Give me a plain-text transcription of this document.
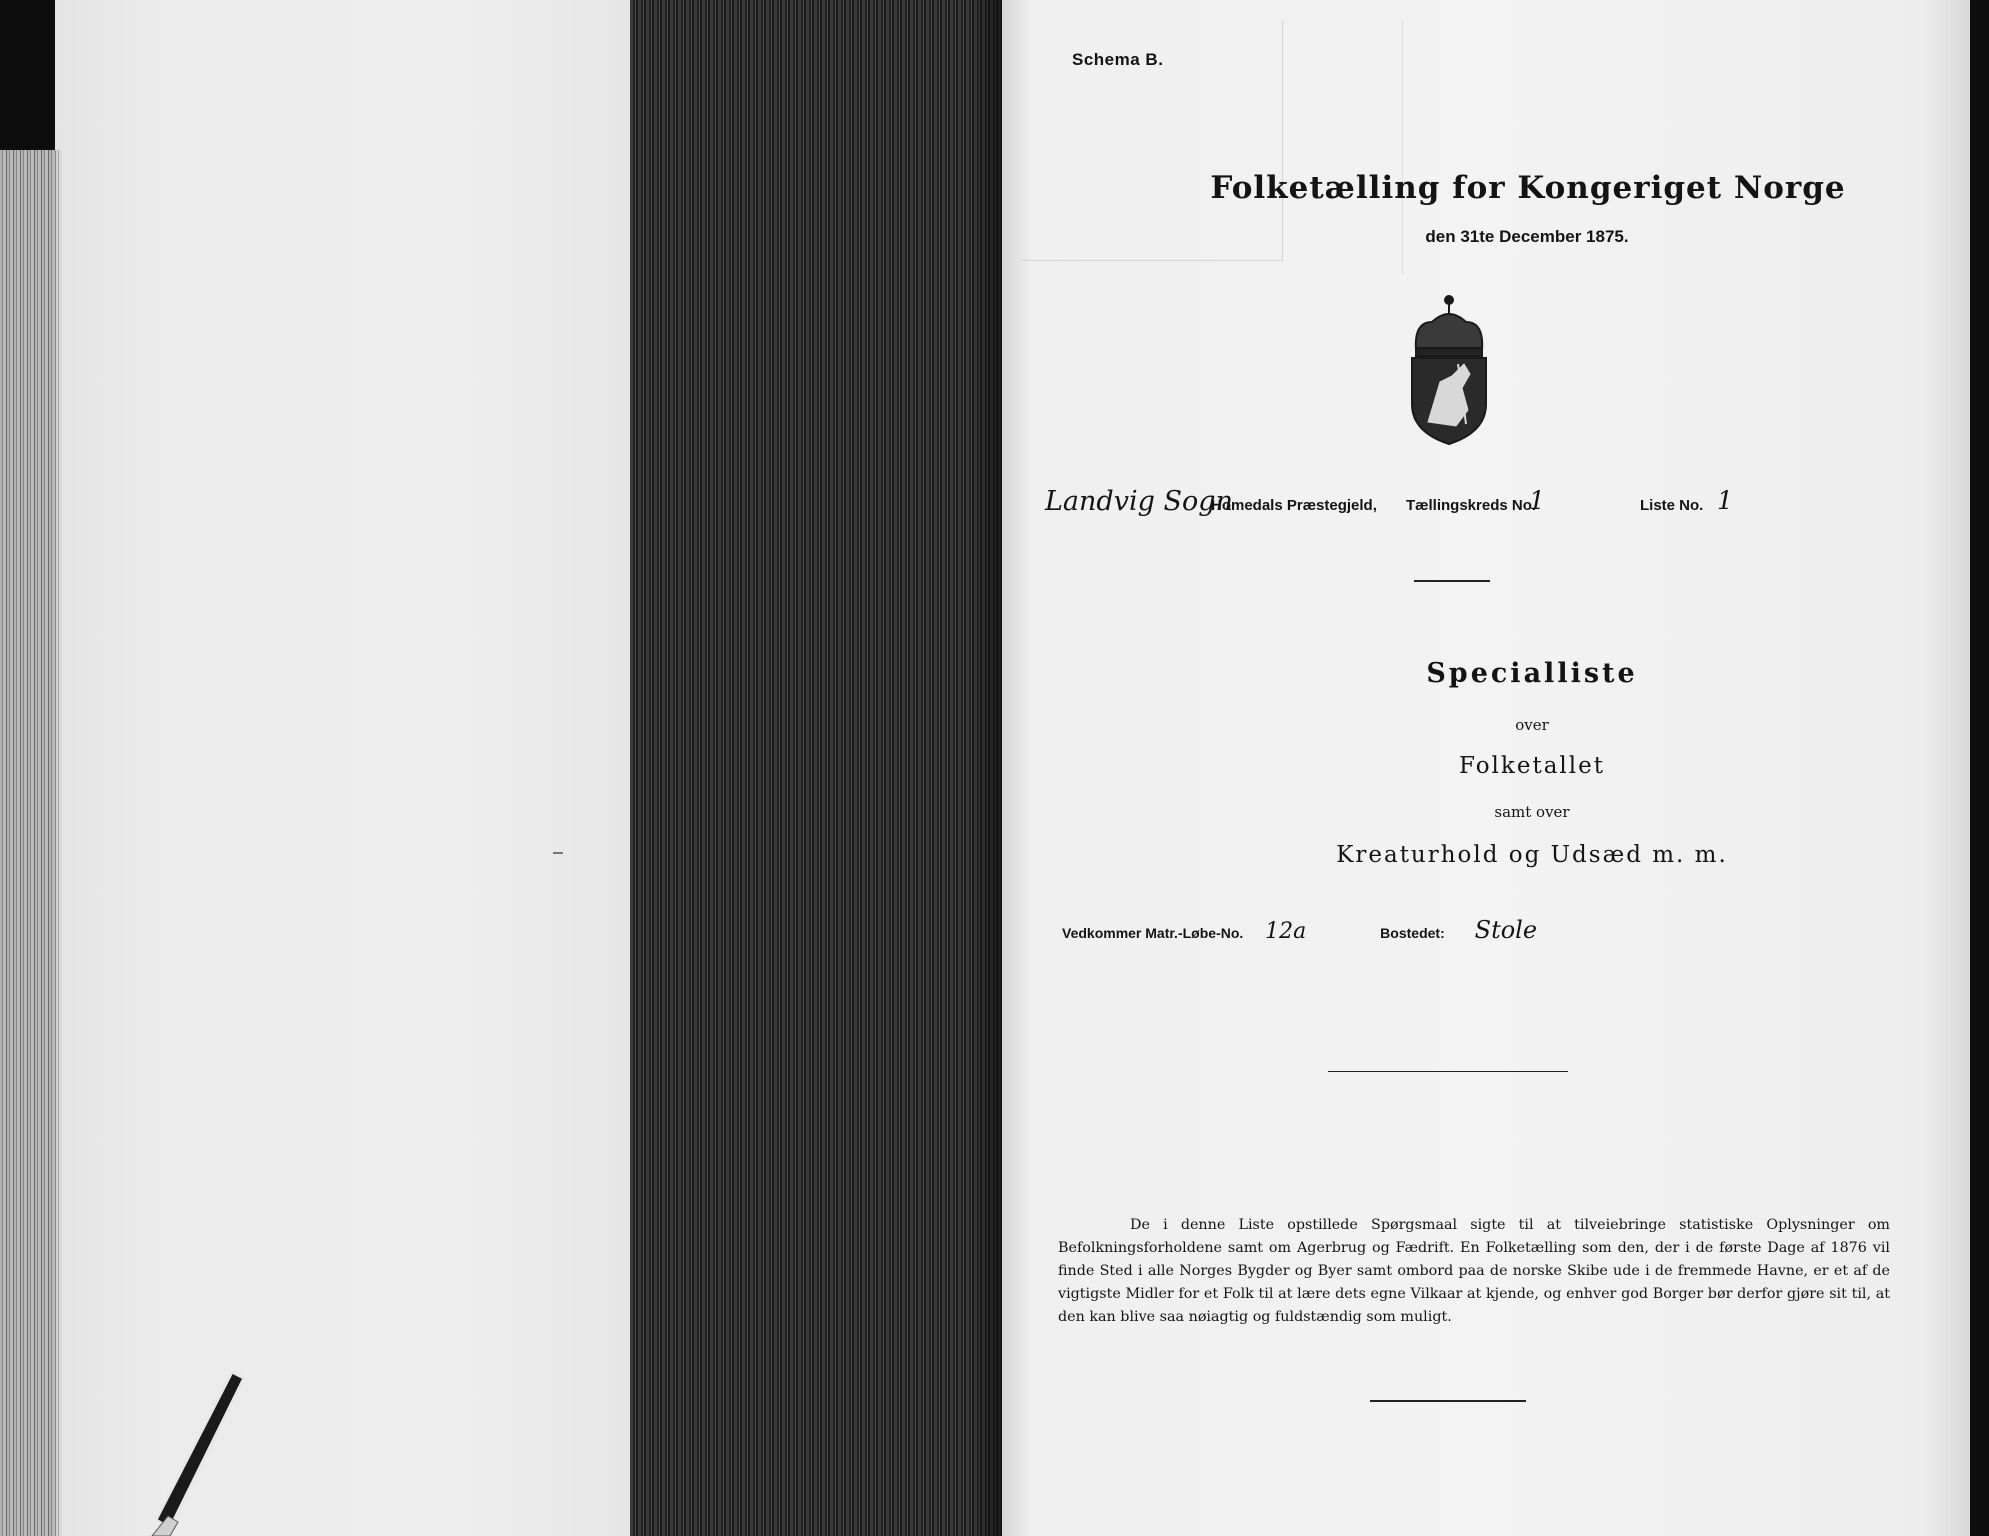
Schema B.
Folketælling for Kongeriget Norge
den 31te December 1875.
Landvig Sogn
Homedals Præstegjeld, Tællingskreds No.
1	Liste No. 1
Specialliste
over
Folketallet
samt over
Kreaturhold og Udsæd m. m.
Vedkommer Matr.-Løbe-No. 12a	Bostedet: Stole

De i denne Liste opstillede Spørgsmaal sigte til at tilveiebringe statistiske Oplysninger om Befolkningsforholdene samt om Agerbrug og Fædrift. En Folketælling som den, der i de første Dage af 1876 vil finde Sted i alle Norges Bygder og Byer samt ombord paa de norske Skibe ude i de fremmede Havne, er et af de vigtigste Midler for et Folk til at lære dets egne Vilkaar at kjende, og enhver god Borger bør derfor gjøre sit til, at den kan blive saa nøiagtig og fuldstændig som muligt.
